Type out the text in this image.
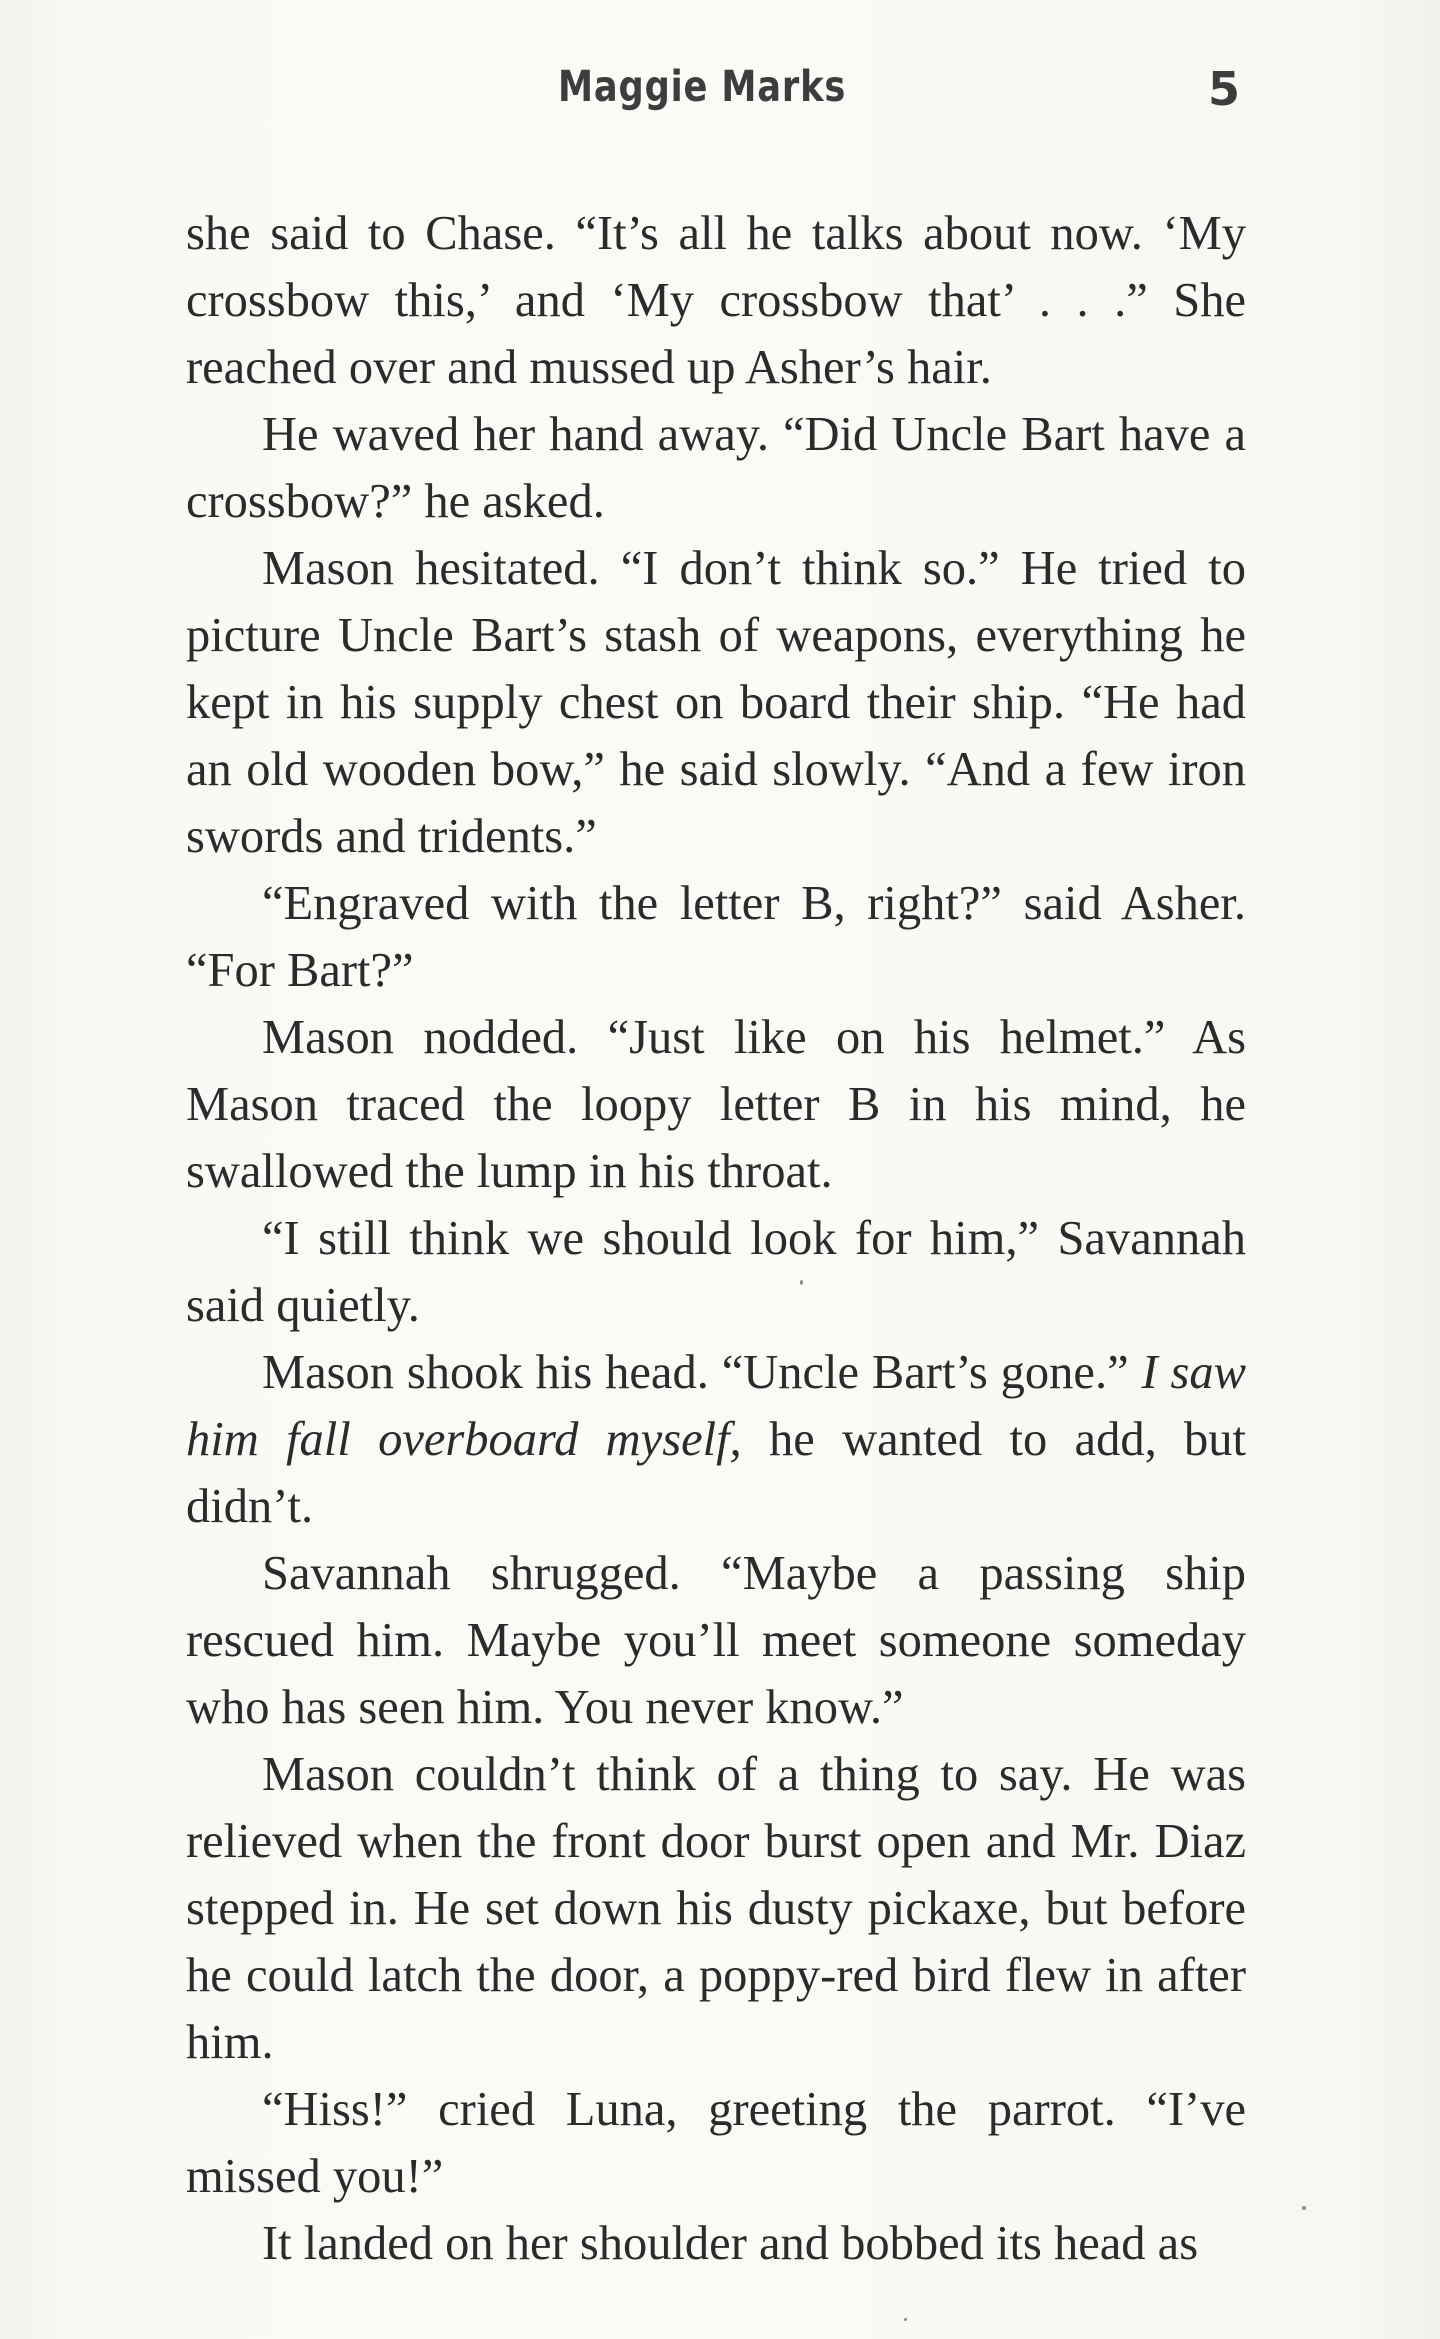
Maggie Marks	5

she said to Chase. “It’s all he talks about now. ‘My crossbow this,’ and ‘My crossbow that’ . . .” She reached over and mussed up Asher’s hair.

He waved her hand away. “Did Uncle Bart have a crossbow?” he asked.

Mason hesitated. “I don’t think so.” He tried to picture Uncle Bart’s stash of weapons, everything he kept in his supply chest on board their ship. “He had an old wooden bow,” he said slowly. “And a few iron swords and tridents.”

“Engraved with the letter B, right?” said Asher. “For Bart?”

Mason nodded. “Just like on his helmet.” As Mason traced the loopy letter B in his mind, he swallowed the lump in his throat.

“I still think we should look for him,” Savannah said quietly.

Mason shook his head. “Uncle Bart’s gone.” I saw him fall overboard myself, he wanted to add, but didn’t.

Savannah shrugged. “Maybe a passing ship rescued him. Maybe you’ll meet someone someday who has seen him. You never know.”

Mason couldn’t think of a thing to say. He was relieved when the front door burst open and Mr. Diaz stepped in. He set down his dusty pickaxe, but before he could latch the door, a poppy-red bird flew in after him.

“Hiss!” cried Luna, greeting the parrot. “I’ve missed you!”

It landed on her shoulder and bobbed its head as
